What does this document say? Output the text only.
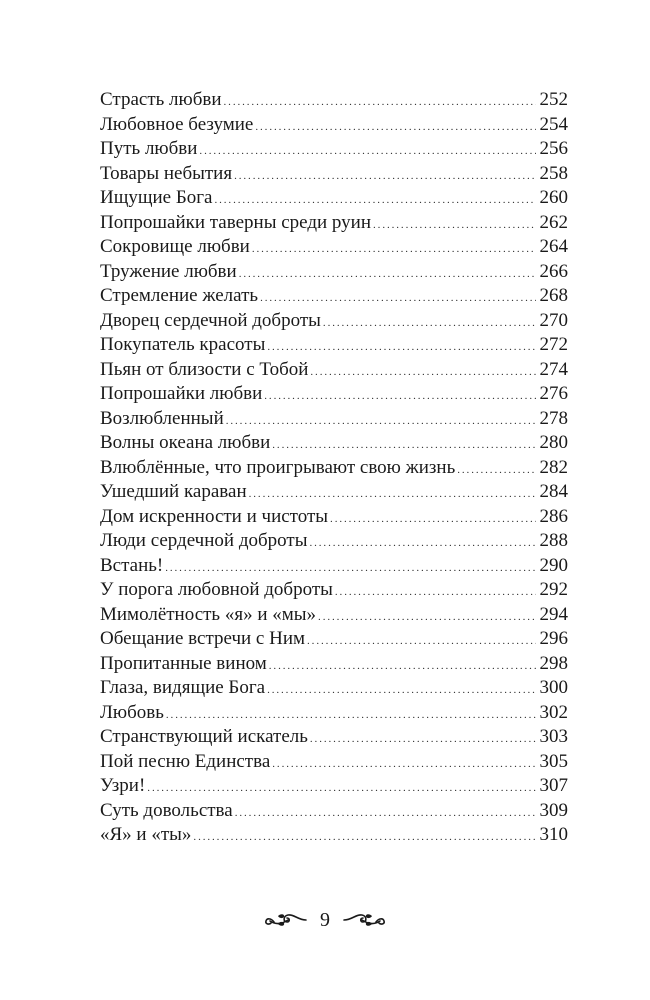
Страсть любви .....	252
Любовное безумие .....	254
Путь любви .....	256
Товары небытия .....	258
Ищущие Бога .....	260
Попрошайки таверны среди руин .....	262
Сокровище любви .....	264
Тружение любви .....	266
Стремление желать .....	268
Дворец сердечной доброты .....	270
Покупатель красоты .....	272
Пьян от близости с Тобой .....	274
Попрошайки любви .....	276
Возлюбленный .....	278
Волны океана любви .....	280
Влюблённые, что проигрывают свою жизнь .....	282
Ушедший караван .....	284
Дом искренности и чистоты .....	286
Люди сердечной доброты .....	288
Встань! .....	290
У порога любовной доброты .....	292
Мимолётность «я» и «мы» .....	294
Обещание встречи с Ним .....	296
Пропитанные вином .....	298
Глаза, видящие Бога .....	300
Любовь .....	302
Странствующий искатель .....	303
Пой песню Единства .....	305
Узри! .....	307
Суть довольства .....	309
«Я» и «ты» .....	310
9
